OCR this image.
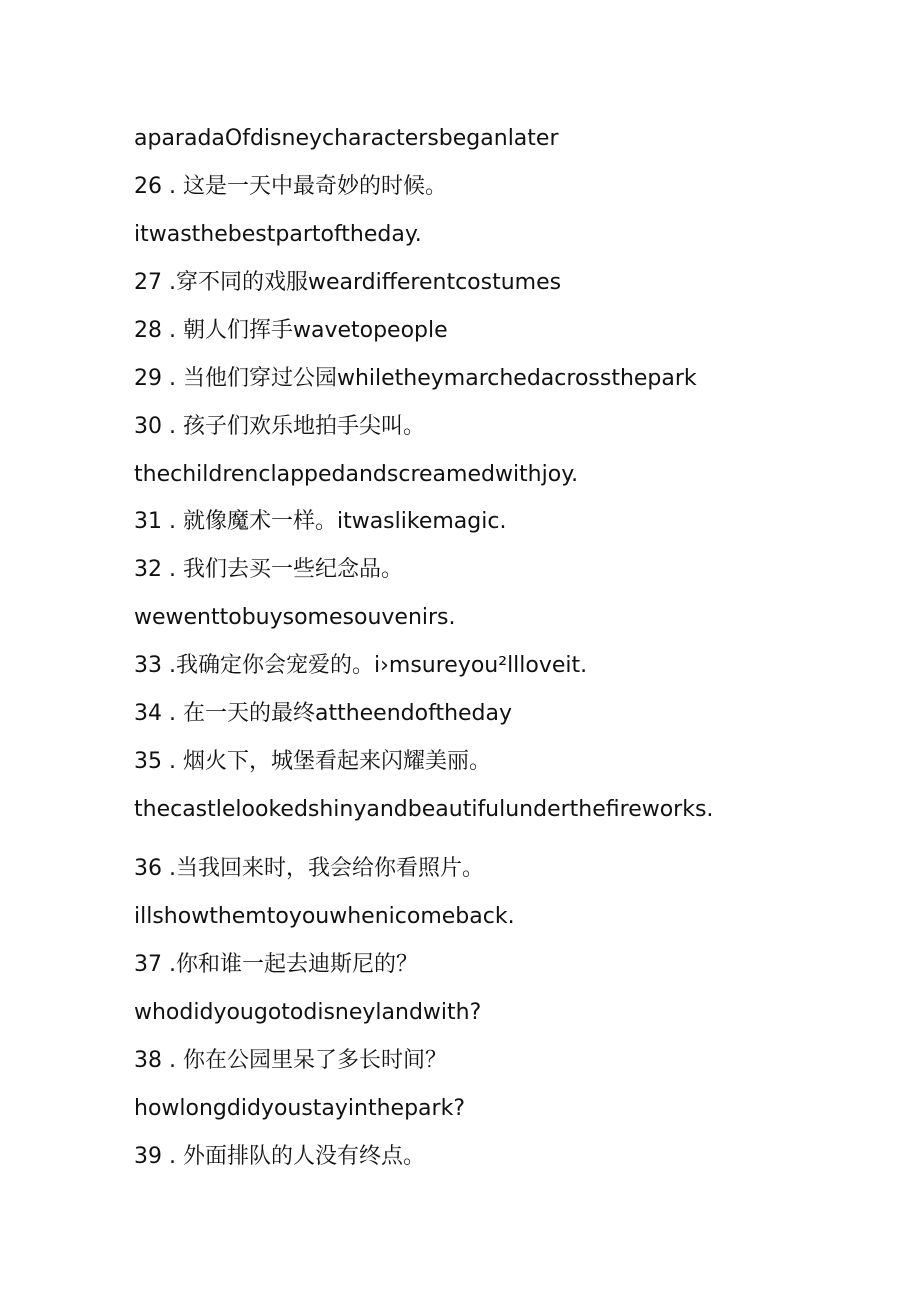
aparadaOfdisneycharactersbeganlater

26 . 这是一天中最奇妙的时候。

itwasthebestpartoftheday.

27 .穿不同的戏服weardifferentcostumes

28 . 朝人们挥手wavetopeople

29 . 当他们穿过公园whiletheymarchedacrossthepark

30 . 孩子们欢乐地拍手尖叫。

thechildrenclappedandscreamedwithjoy.

31 . 就像魔术一样。itwaslikemagic.

32 . 我们去买一些纪念品。

wewenttobuysomesouvenirs.

33 .我确定你会宠爱的。i›msureyou²llloveit.

34 . 在一天的最终attheendoftheday

35 . 烟火下，城堡看起来闪耀美丽。

thecastlelookedshinyandbeautifulunderthefireworks.

36 .当我回来时，我会给你看照片。

illshowthemtoyouwhenicomeback.

37 .你和谁一起去迪斯尼的？

whodidyougotodisneylandwith?

38 . 你在公园里呆了多长时间？

howlongdidyoustayinthepark?

39 . 外面排队的人没有终点。
